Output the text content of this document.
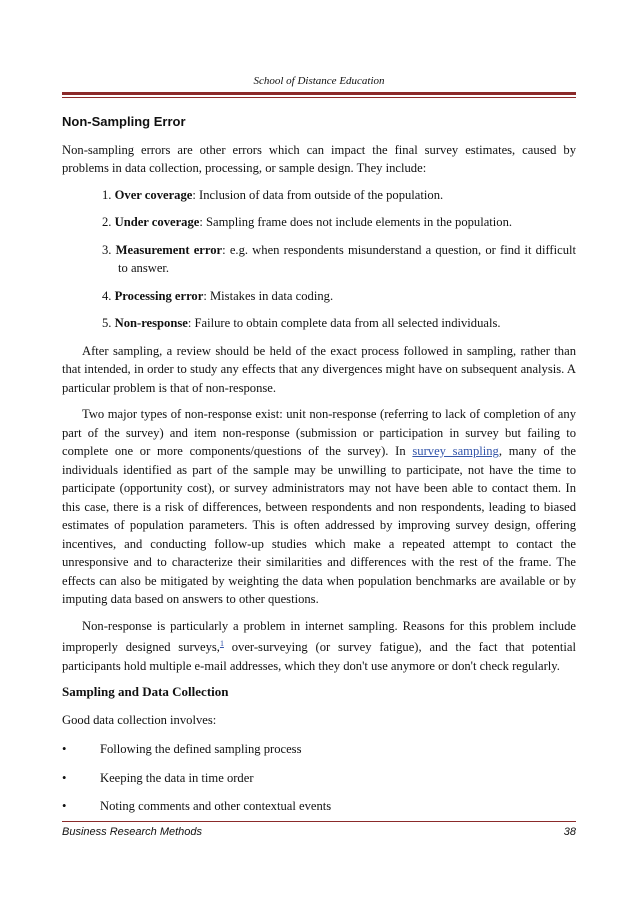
School of Distance Education
Non-Sampling Error

Non-sampling errors are other errors which can impact the final survey estimates, caused by problems in data collection, processing, or sample design. They include:

1. Over coverage: Inclusion of data from outside of the population.
2. Under coverage: Sampling frame does not include elements in the population.
3. Measurement error: e.g. when respondents misunderstand a question, or find it difficult to answer.
4. Processing error: Mistakes in data coding.
5. Non-response: Failure to obtain complete data from all selected individuals.

After sampling, a review should be held of the exact process followed in sampling, rather than that intended, in order to study any effects that any divergences might have on subsequent analysis. A particular problem is that of non-response.

Two major types of non-response exist: unit non-response (referring to lack of completion of any part of the survey) and item non-response (submission or participation in survey but failing to complete one or more components/questions of the survey). In survey sampling, many of the individuals identified as part of the sample may be unwilling to participate, not have the time to participate (opportunity cost), or survey administrators may not have been able to contact them. In this case, there is a risk of differences, between respondents and non respondents, leading to biased estimates of population parameters. This is often addressed by improving survey design, offering incentives, and conducting follow-up studies which make a repeated attempt to contact the unresponsive and to characterize their similarities and differences with the rest of the frame. The effects can also be mitigated by weighting the data when population benchmarks are available or by imputing data based on answers to other questions.

Non-response is particularly a problem in internet sampling. Reasons for this problem include improperly designed surveys,$^1$ over-surveying (or survey fatigue), and the fact that potential participants hold multiple e-mail addresses, which they don't use anymore or don't check regularly.

Sampling and Data Collection

Good data collection involves:

•	Following the defined sampling process
•	Keeping the data in time order
•	Noting comments and other contextual events
Business Research Methods	38
